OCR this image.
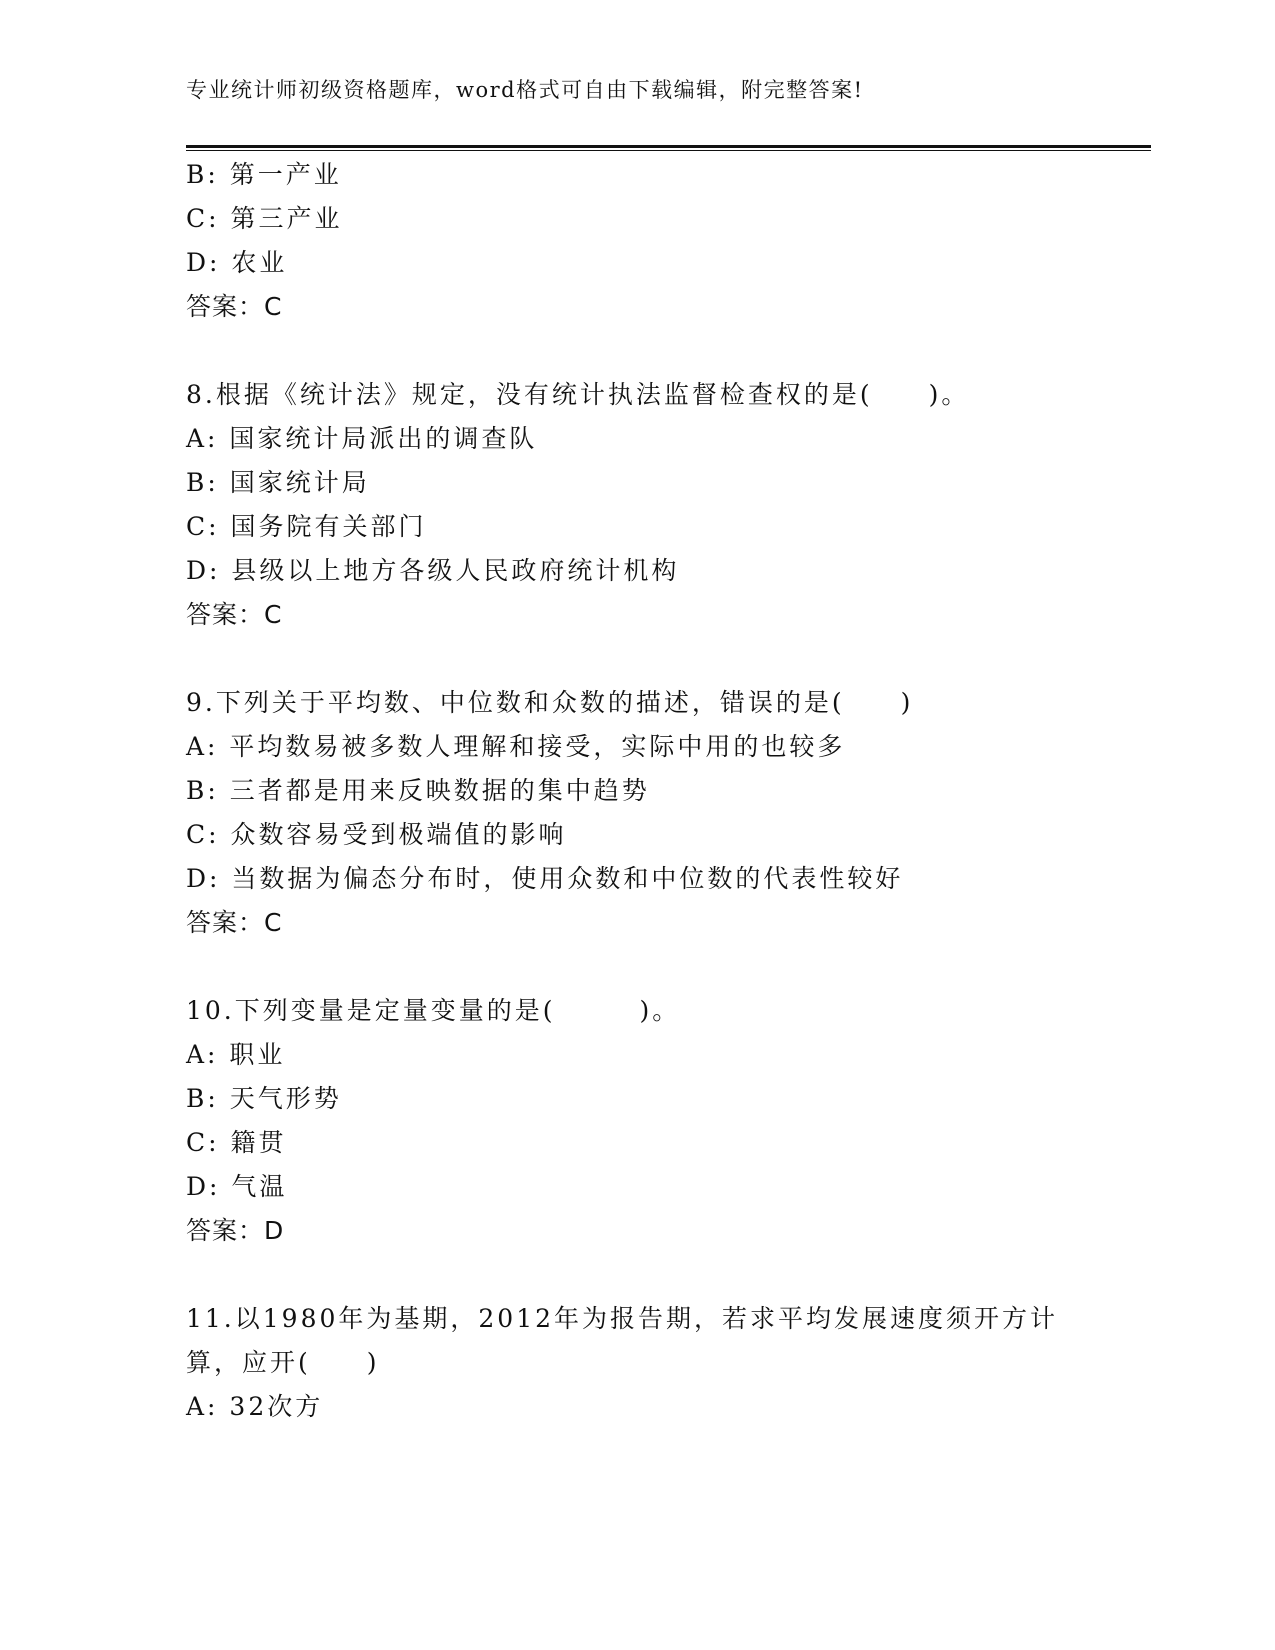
专业统计师初级资格题库，word格式可自由下载编辑，附完整答案!
B: 第一产业
C: 第三产业
D: 农业
答案：C
8.根据《统计法》规定，没有统计执法监督检查权的是(　　)。
A: 国家统计局派出的调查队
B: 国家统计局
C: 国务院有关部门
D: 县级以上地方各级人民政府统计机构
答案：C
9.下列关于平均数、中位数和众数的描述，错误的是(　　)
A: 平均数易被多数人理解和接受，实际中用的也较多
B: 三者都是用来反映数据的集中趋势
C: 众数容易受到极端值的影响
D: 当数据为偏态分布时，使用众数和中位数的代表性较好
答案：C
10.下列变量是定量变量的是(　　　)。
A: 职业
B: 天气形势
C: 籍贯
D: 气温
答案：D
11.以1980年为基期，2012年为报告期，若求平均发展速度须开方计
算，应开(　　)
A: 32次方
